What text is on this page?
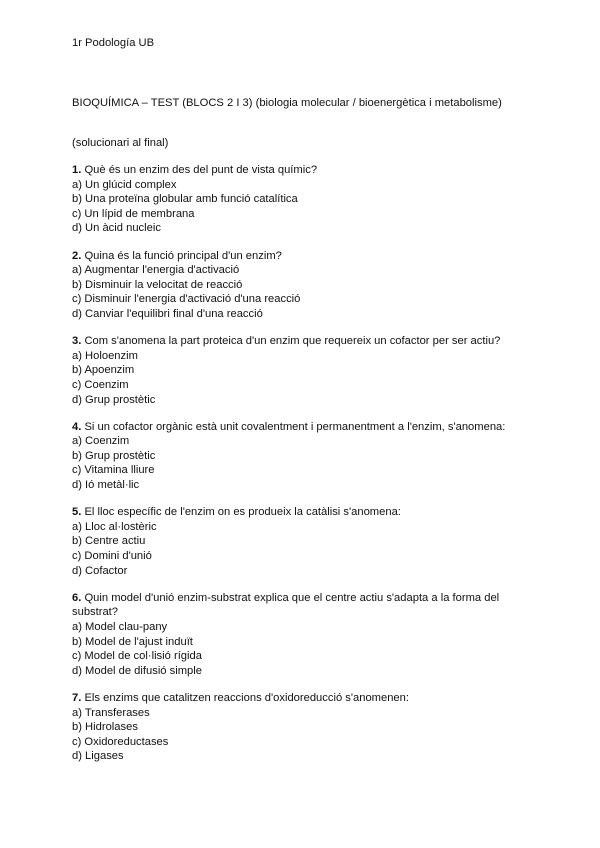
1r Podología UB
BIOQUÍMICA – TEST (BLOCS 2 I 3) (biologia molecular / bioenergètica i metabolisme)
(solucionari al final)
1. Què és un enzim des del punt de vista químic?
a) Un glúcid complex
b) Una proteïna globular amb funció catalítica
c) Un lípid de membrana
d) Un àcid nucleic
2. Quina és la funció principal d'un enzim?
a) Augmentar l'energia d'activació
b) Disminuir la velocitat de reacció
c) Disminuir l'energia d'activació d'una reacció
d) Canviar l'equilibri final d'una reacció
3. Com s'anomena la part proteica d'un enzim que requereix un cofactor per ser actiu?
a) Holoenzim
b) Apoenzim
c) Coenzim
d) Grup prostètic
4. Si un cofactor orgànic està unit covalentment i permanentment a l'enzim, s'anomena:
a) Coenzim
b) Grup prostètic
c) Vitamina lliure
d) Ió metàl·lic
5. El lloc específic de l'enzim on es produeix la catàlisi s'anomena:
a) Lloc al·lostèric
b) Centre actiu
c) Domini d'unió
d) Cofactor
6. Quin model d'unió enzim-substrat explica que el centre actiu s'adapta a la forma del substrat?
a) Model clau-pany
b) Model de l'ajust induït
c) Model de col·lisió rígida
d) Model de difusió simple
7. Els enzims que catalitzen reaccions d'oxidoreducció s'anomenen:
a) Transferases
b) Hidrolases
c) Oxidoreductases
d) Ligases
